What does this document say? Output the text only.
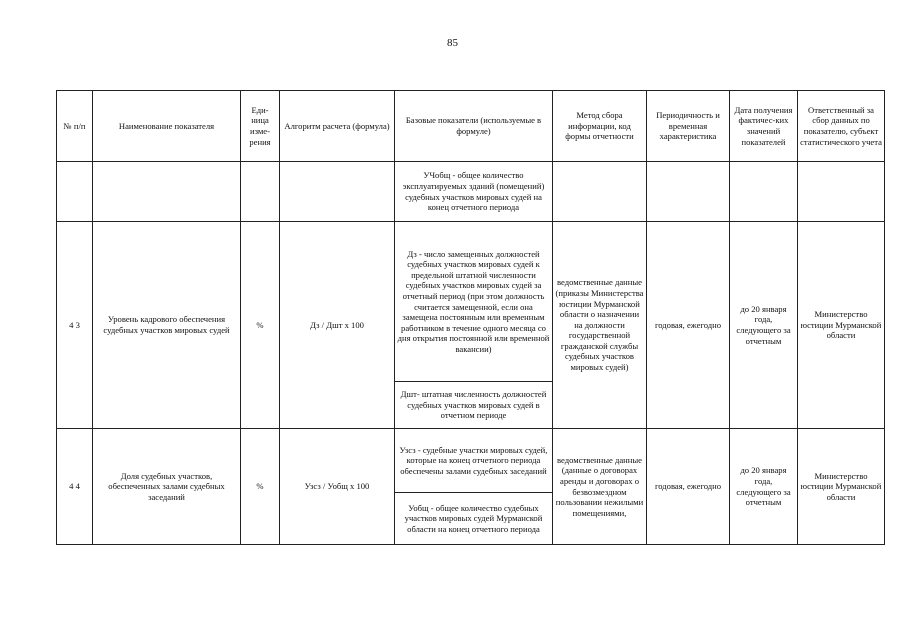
85
№ п/п	Наименование показателя	Еди-ница изме-рения	Алгоритм расчета (формула)	Базовые показатели (используемые в формуле)	Метод сбора информации, код формы отчетности	Периодичность и временная характеристика	Дата получения фактичес-ких значений показателей	Ответственный за сбор данных по показателю, субъект статистического учета
				УЧобщ - общее количество эксплуатируемых зданий (помещений) судебных участков мировых судей на конец отчетного периода				
4 3	Уровень кадрового обеспечения судебных участков мировых судей	%	Дз / Дшт х 100	Дз - число замещенных должностей судебных участков мировых судей к предельной штатной численности судебных участков мировых судей за отчетный период (при этом должность считается замещенной, если она замещена постоянным или временным работником в течение одного месяца со дня открытия постоянной или временной вакансии)	ведомственные данные (приказы Министерства юстиции Мурманской области о назначении на должности государственной гражданской службы судебных участков мировых судей)	годовая, ежегодно	до 20 января года, следующего за отчетным	Министерство юстиции Мурманской области
				Дшт- штатная численность должностей судебных участков мировых судей в отчетном периоде				
4 4	Доля судебных участков, обеспеченных залами судебных заседаний	%	Узсз / Уобщ х 100	Узсз - судебные участки мировых судей, которые на конец отчетного периода обеспечены залами судебных заседаний	ведомственные данные (данные о договорах аренды и договорах о безвозмездном пользовании нежилыми помещениями,	годовая, ежегодно	до 20 января года, следующего за отчетным	Министерство юстиции Мурманской области
				Уобщ - общее количество судебных участков мировых судей Мурманской области на конец отчетного периода				
